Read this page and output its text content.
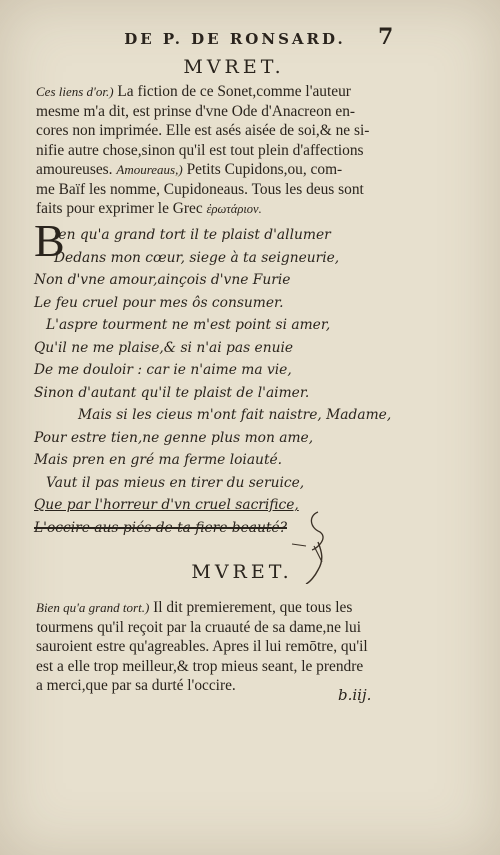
DE P. DE RONSARD.	7
MVRET.
Ces liens d'or.) La fiction de ce Sonet,comme l'auteur
mesme m'a dit, est prinse d'vne Ode d'Anacreon en-
cores non imprimée. Elle est asés aisée de soi,& ne si-
nifie autre chose,sinon qu'il est tout plein d'affections
amoureuses. Amoureaus,) Petits Cupidons,ou, com-
me Baïf les nomme, Cupidoneaus. Tous les deus sont
faits pour exprimer le Grec ἐρωτάριον.
B
ien qu'a grand tort il te plaist d'allumer
Dedans mon cœur, siege à ta seigneurie,
Non d'vne amour,ainçois d'vne Furie
Le feu cruel pour mes ôs consumer.
L'aspre tourment ne m'est point si amer,
Qu'il ne me plaise,& si n'ai pas enuie
De me douloir : car ie n'aime ma vie,
Sinon d'autant qu'il te plaist de l'aimer.
Mais si les cieus m'ont fait naistre, Madame,
Pour estre tien,ne genne plus mon ame,
Mais pren en gré ma ferme loiauté.
Vaut il pas mieus en tirer du seruice,
Que par l'horreur d'vn cruel sacrifice,
L'occire aus piés de ta fiere beauté?
MVRET.
Bien qu'a grand tort.) Il dit premierement, que tous les
tourmens qu'il reçoit par la cruauté de sa dame,ne lui
sauroient estre qu'agreables. Apres il lui remōtre, qu'il
est a elle trop meilleur,& trop mieus seant, le prendre
a merci,que par sa durté l'occire.
b.iij.
